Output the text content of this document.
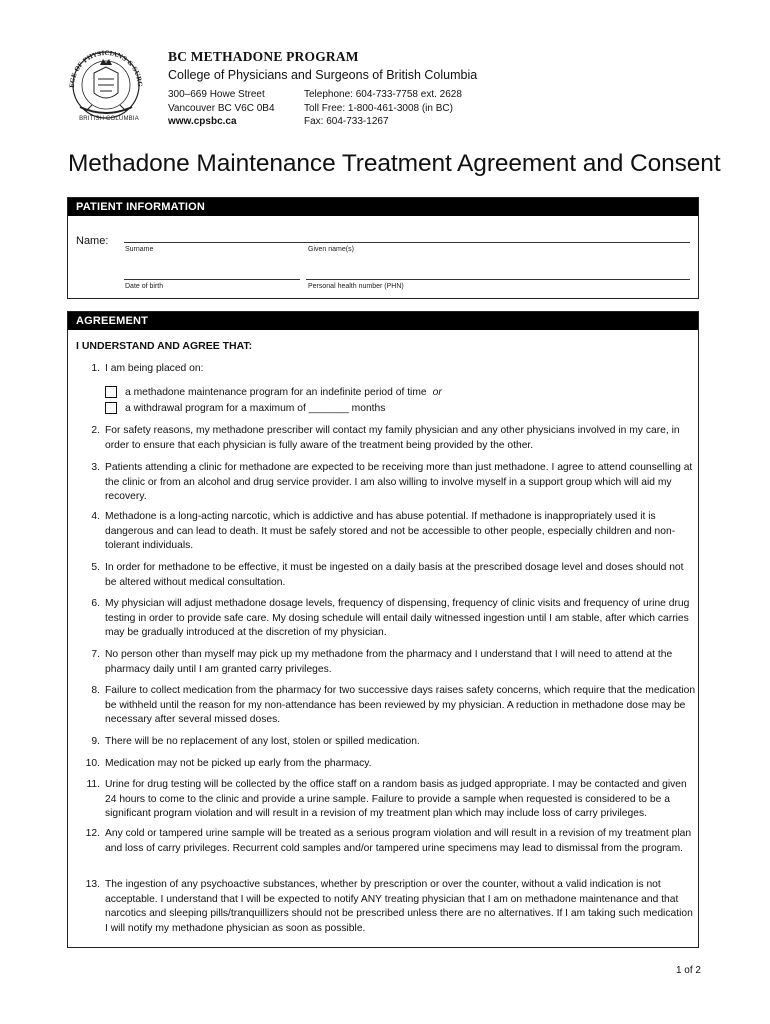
EGE OF PHYSICIANS & SURG
BRITISH COLUMBIA
BC METHADONE PROGRAM
College of Physicians and Surgeons of British Columbia
300–669 Howe Street
Vancouver BC V6C 0B4
www.cpsbc.ca
Telephone: 604-733-7758 ext. 2628
Toll Free: 1-800-461-3008 (in BC)
Fax: 604-733-1267
Methadone Maintenance Treatment Agreement and Consent
PATIENT INFORMATION
Name:
Surname	Given name(s)
Date of birth	Personal health number (PHN)
AGREEMENT
I UNDERSTAND AND AGREE THAT:
1. I am being placed on:
a methadone maintenance program for an indefinite period of time or
a withdrawal program for a maximum of _______ months
2. For safety reasons, my methadone prescriber will contact my family physician and any other physicians involved in my care, in order to ensure that each physician is fully aware of the treatment being provided by the other.
3. Patients attending a clinic for methadone are expected to be receiving more than just methadone. I agree to attend counselling at the clinic or from an alcohol and drug service provider. I am also willing to involve myself in a support group which will aid my recovery.
4. Methadone is a long-acting narcotic, which is addictive and has abuse potential. If methadone is inappropriately used it is dangerous and can lead to death. It must be safely stored and not be accessible to other people, especially children and non-tolerant individuals.
5. In order for methadone to be effective, it must be ingested on a daily basis at the prescribed dosage level and doses should not be altered without medical consultation.
6. My physician will adjust methadone dosage levels, frequency of dispensing, frequency of clinic visits and frequency of urine drug testing in order to provide safe care. My dosing schedule will entail daily witnessed ingestion until I am stable, after which carries may be gradually introduced at the discretion of my physician.
7. No person other than myself may pick up my methadone from the pharmacy and I understand that I will need to attend at the pharmacy daily until I am granted carry privileges.
8. Failure to collect medication from the pharmacy for two successive days raises safety concerns, which require that the medication be withheld until the reason for my non-attendance has been reviewed by my physician. A reduction in methadone dose may be necessary after several missed doses.
9. There will be no replacement of any lost, stolen or spilled medication.
10. Medication may not be picked up early from the pharmacy.
11. Urine for drug testing will be collected by the office staff on a random basis as judged appropriate. I may be contacted and given 24 hours to come to the clinic and provide a urine sample. Failure to provide a sample when requested is considered to be a significant program violation and will result in a revision of my treatment plan which may include loss of carry privileges.
12. Any cold or tampered urine sample will be treated as a serious program violation and will result in a revision of my treatment plan and loss of carry privileges. Recurrent cold samples and/or tampered urine specimens may lead to dismissal from the program.
13. The ingestion of any psychoactive substances, whether by prescription or over the counter, without a valid indication is not acceptable. I understand that I will be expected to notify ANY treating physician that I am on methadone maintenance and that narcotics and sleeping pills/tranquillizers should not be prescribed unless there are no alternatives. If I am taking such medication I will notify my methadone physician as soon as possible.
1 of 2
